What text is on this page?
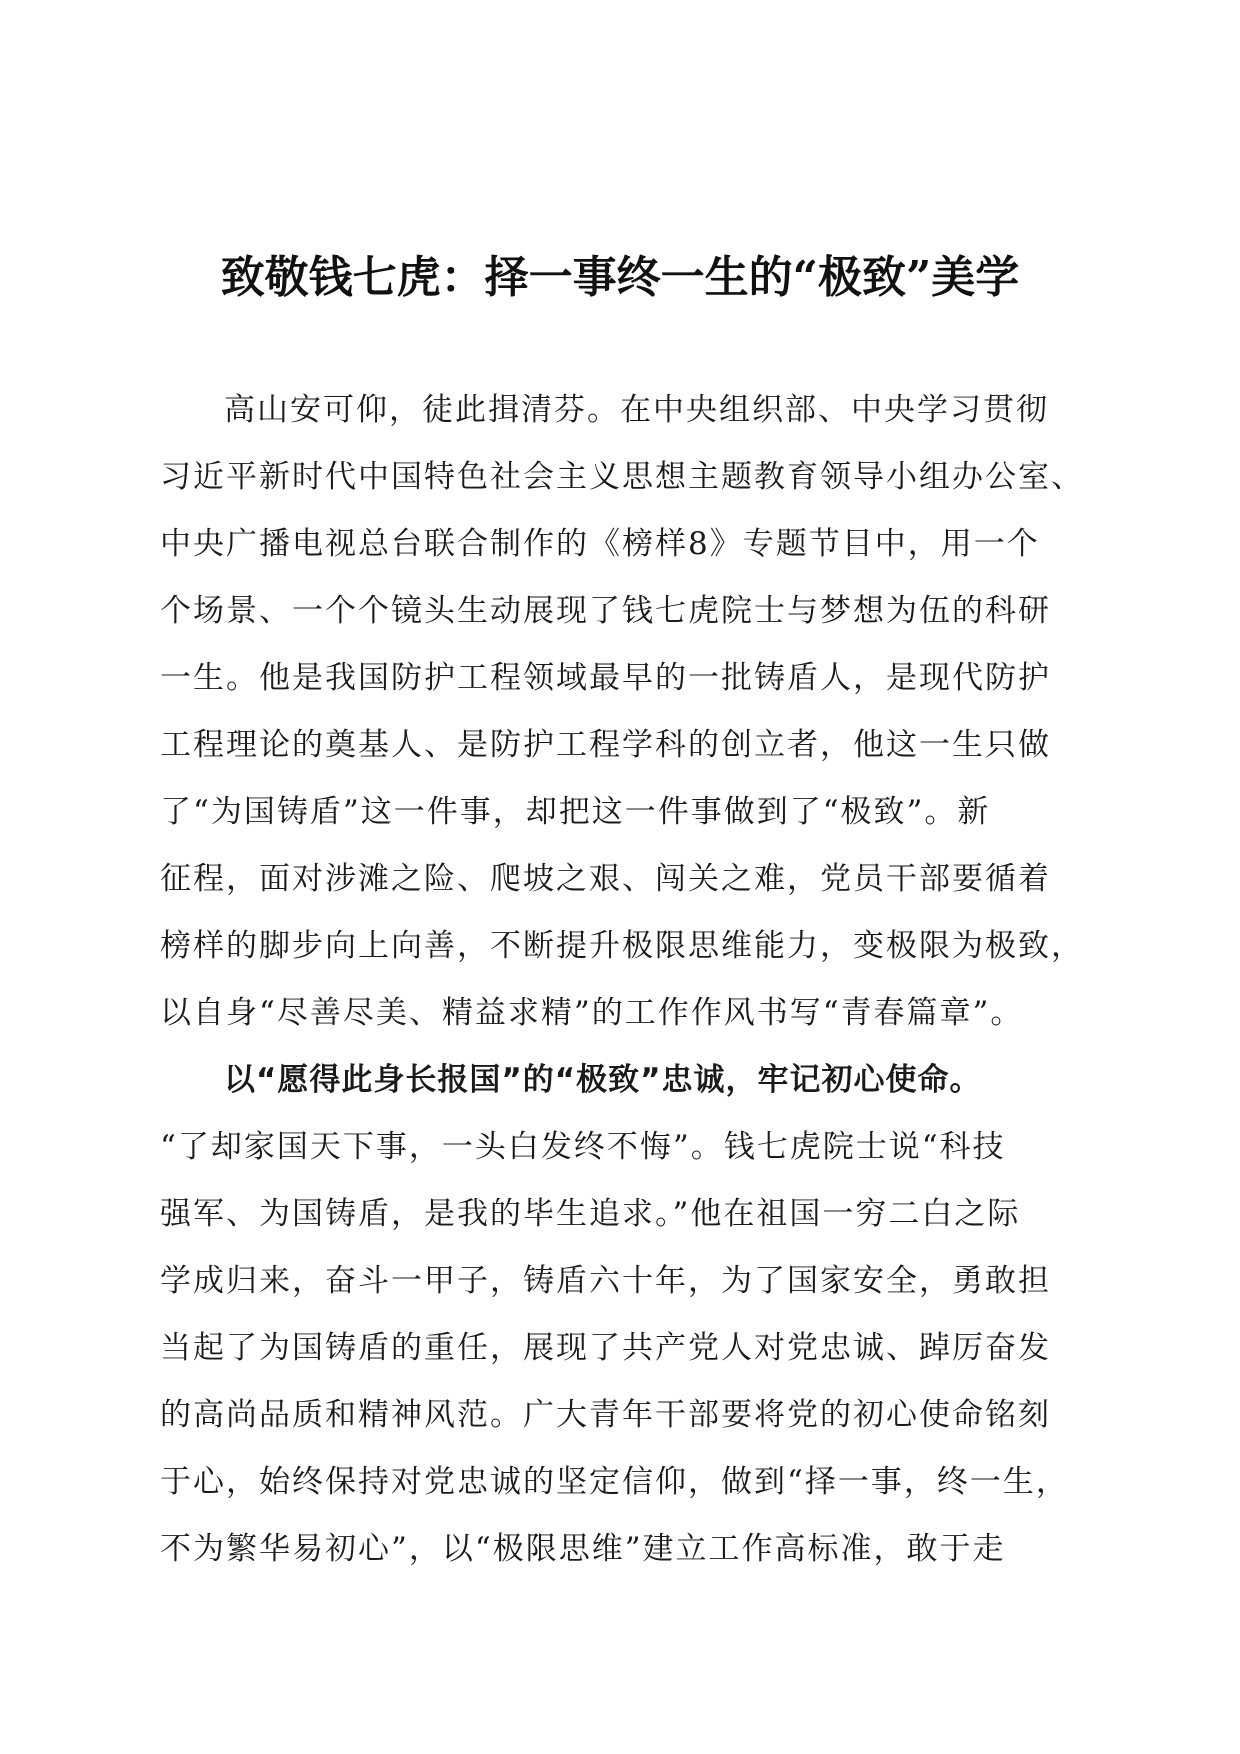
致敬钱七虎：择一事终一生的“极致”美学
高山安可仰，徒此揖清芬。在中央组织部、中央学习贯彻
习近平新时代中国特色社会主义思想主题教育领导小组办公室、
中央广播电视总台联合制作的《榜样8》专题节目中，用一个
个场景、一个个镜头生动展现了钱七虎院士与梦想为伍的科研
一生。他是我国防护工程领域最早的一批铸盾人，是现代防护
工程理论的奠基人、是防护工程学科的创立者，他这一生只做
了“为国铸盾”这一件事，却把这一件事做到了“极致”。新
征程，面对涉滩之险、爬坡之艰、闯关之难，党员干部要循着
榜样的脚步向上向善，不断提升极限思维能力，变极限为极致，
以自身“尽善尽美、精益求精”的工作作风书写“青春篇章”。
以“愿得此身长报国”的“极致”忠诚，牢记初心使命。
“了却家国天下事，一头白发终不悔”。钱七虎院士说“科技
强军、为国铸盾，是我的毕生追求。”他在祖国一穷二白之际
学成归来，奋斗一甲子，铸盾六十年，为了国家安全，勇敢担
当起了为国铸盾的重任，展现了共产党人对党忠诚、踔厉奋发
的高尚品质和精神风范。广大青年干部要将党的初心使命铭刻
于心，始终保持对党忠诚的坚定信仰，做到“择一事，终一生，
不为繁华易初心”，以“极限思维”建立工作高标准，敢于走
